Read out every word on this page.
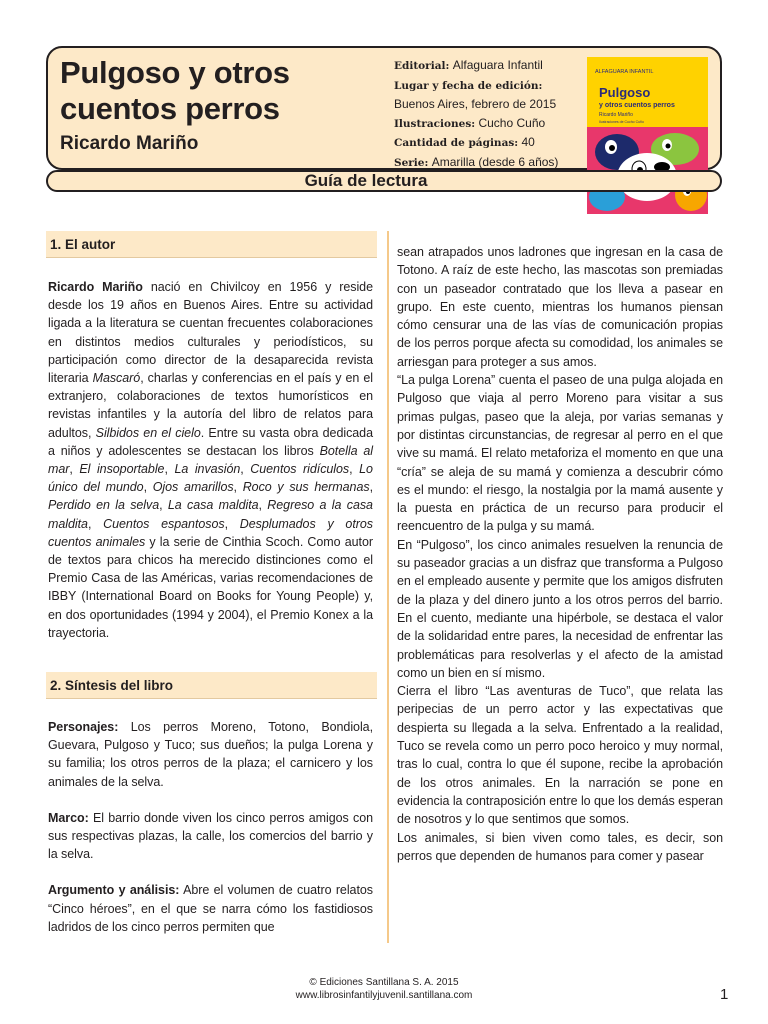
Pulgoso y otros cuentos perros
Ricardo Mariño
Editorial: Alfaguara Infantil
Lugar y fecha de edición:
Buenos Aires, febrero de 2015
Ilustraciones: Cucho Cuño
Cantidad de páginas: 40
Serie: Amarilla (desde 6 años)
ALFAGUARA INFANTIL
Pulgoso
y otros cuentos perros
Ricardo Mariño
Ilustraciones de Cucho Cuño
Guía de lectura
1. El autor

Ricardo Mariño nació en Chivilcoy en 1956 y reside desde los 19 años en Buenos Aires. Entre su actividad ligada a la literatura se cuentan frecuentes colaboraciones en distintos medios culturales y periodísticos, su participación como director de la desaparecida revista literaria Mascaró, charlas y conferencias en el país y en el extranjero, colaboraciones de textos humorísticos en revistas infantiles y la autoría del libro de relatos para adultos, Silbidos en el cielo. Entre su vasta obra dedicada a niños y adolescentes se destacan los libros Botella al mar, El insoportable, La invasión, Cuentos ridículos, Lo único del mundo, Ojos amarillos, Roco y sus hermanas, Perdido en la selva, La casa maldita, Regreso a la casa maldita, Cuentos espantosos, Desplumados y otros cuentos animales y la serie de Cinthia Scoch. Como autor de textos para chicos ha merecido distinciones como el Premio Casa de las Américas, varias recomendaciones de IBBY (International Board on Books for Young People) y, en dos oportunidades (1994 y 2004), el Premio Konex a la trayectoria.

2. Síntesis del libro

Personajes: Los perros Moreno, Totono, Bondiola, Guevara, Pulgoso y Tuco; sus dueños; la pulga Lorena y su familia; los otros perros de la plaza; el carnicero y los animales de la selva.

Marco: El barrio donde viven los cinco perros amigos con sus respectivas plazas, la calle, los comercios del barrio y la selva.

Argumento y análisis: Abre el volumen de cuatro relatos “Cinco héroes”, en el que se narra cómo los fastidiosos ladridos de los cinco perros permiten que

sean atrapados unos ladrones que ingresan en la casa de Totono. A raíz de este hecho, las mascotas son premiadas con un paseador contratado que los lleva a pasear en grupo. En este cuento, mientras los humanos piensan cómo censurar una de las vías de comunicación propias de los perros porque afecta su comodidad, los animales se arriesgan para proteger a sus amos.

“La pulga Lorena” cuenta el paseo de una pulga alojada en Pulgoso que viaja al perro Moreno para visitar a sus primas pulgas, paseo que la aleja, por varias semanas y por distintas circunstancias, de regresar al perro en el que vive su mamá. El relato metaforiza el momento en que una “cría” se aleja de su mamá y comienza a descubrir cómo es el mundo: el riesgo, la nostalgia por la mamá ausente y la puesta en práctica de un recurso para producir el reencuentro de la pulga y su mamá.

En “Pulgoso”, los cinco animales resuelven la renuncia de su paseador gracias a un disfraz que transforma a Pulgoso en el empleado ausente y permite que los amigos disfruten de la plaza y del dinero junto a los otros perros del barrio. En el cuento, mediante una hipérbole, se destaca el valor de la solidaridad entre pares, la necesidad de enfrentar las problemáticas para resolverlas y el afecto de la amistad como un bien en sí mismo.

Cierra el libro “Las aventuras de Tuco”, que relata las peripecias de un perro actor y las expectativas que despierta su llegada a la selva. Enfrentado a la realidad, Tuco se revela como un perro poco heroico y muy normal, tras lo cual, contra lo que él supone, recibe la aprobación de los otros animales. En la narración se pone en evidencia la contraposición entre lo que los demás esperan de nosotros y lo que sentimos que somos.

Los animales, si bien viven como tales, es decir, son perros que dependen de humanos para comer y pasear

© Ediciones Santillana S. A. 2015
www.librosinfantilyjuvenil.santillana.com	1
